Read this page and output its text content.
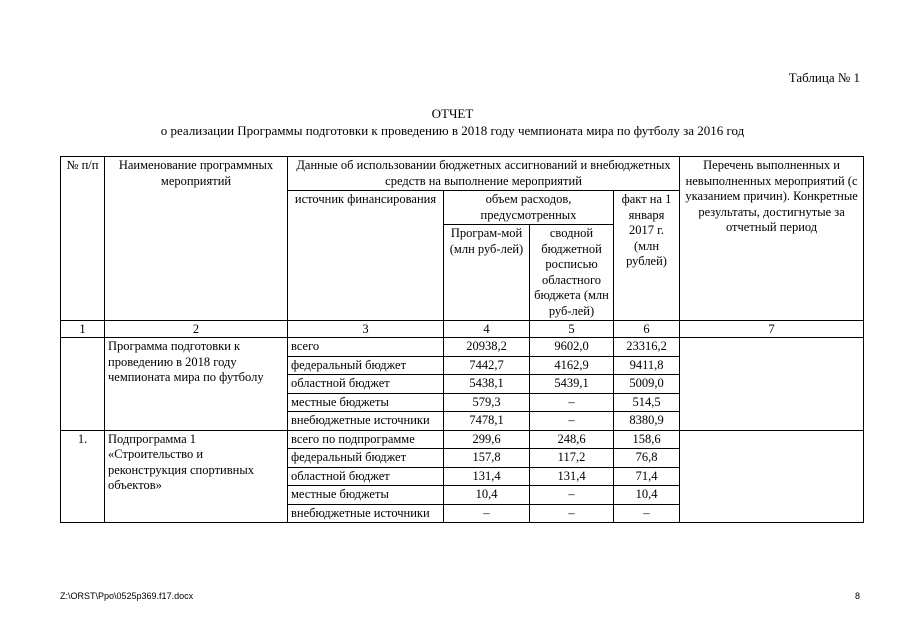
Таблица № 1
ОТЧЕТ
о реализации Программы подготовки к проведению в 2018 году чемпионата мира по футболу за 2016 год
№ п/п	Наименование программных мероприятий	Данные об использовании бюджетных ассигнований и внебюджетных средств на выполнение мероприятий				Перечень выполненных и невыполненных мероприятий (с указанием причин). Конкретные результаты, достигнутые за отчетный период
		источник финансирования	объем расходов, предусмотренных		факт на 1 января 2017 г. (млн рублей)	
			Програм-мой (млн руб-лей)	сводной бюджетной росписью областного бюджета (млн руб-лей)		
1	2	3	4	5	6	7
	Программа подготовки к проведению в 2018 году чемпионата мира по футболу	всего	20938,2	9602,0	23316,2	
		федеральный бюджет	7442,7	4162,9	9411,8	
		областной бюджет	5438,1	5439,1	5009,0	
		местные бюджеты	579,3	–	514,5	
		внебюджетные источники	7478,1	–	8380,9	
1.	Подпрограмма 1 «Строительство и реконструкция спортивных объектов»	всего по подпрограмме	299,6	248,6	158,6	
		федеральный бюджет	157,8	117,2	76,8	
		областной бюджет	131,4	131,4	71,4	
		местные бюджеты	10,4	–	10,4	
		внебюджетные источники	–	–	–	
Z:\ORST\Ppo\0525p369.f17.docx	8
